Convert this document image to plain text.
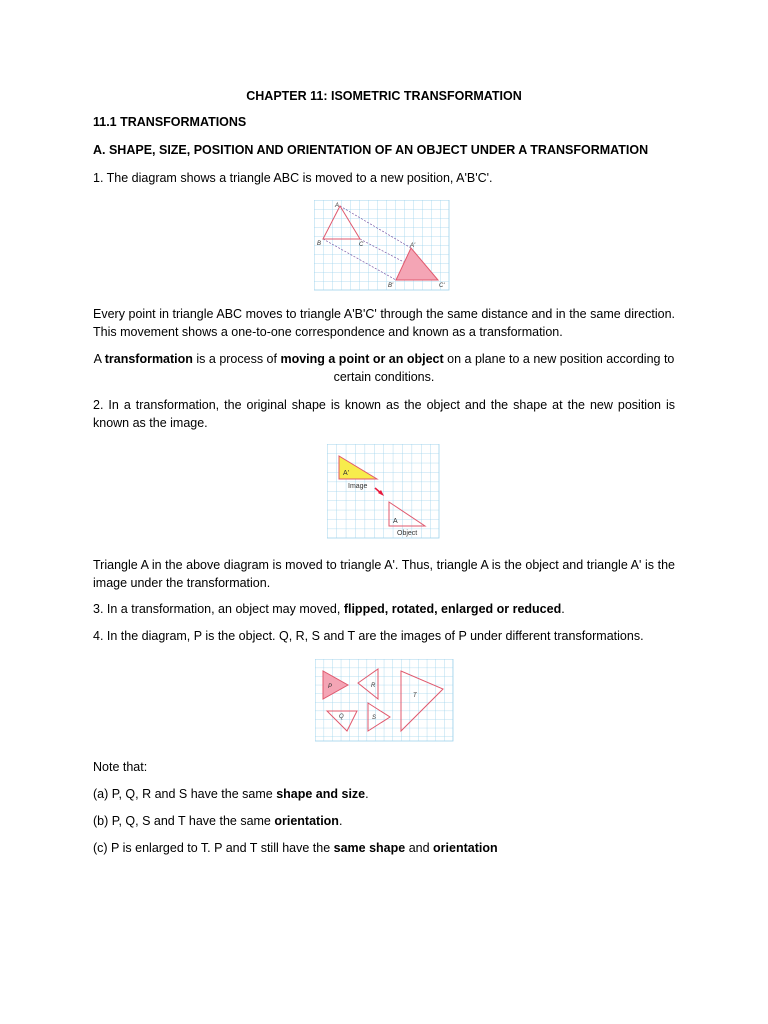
CHAPTER 11: ISOMETRIC TRANSFORMATION

11.1 TRANSFORMATIONS

A. SHAPE, SIZE, POSITION AND ORIENTATION OF AN OBJECT UNDER A TRANSFORMATION

1. The diagram shows a triangle ABC is moved to a new position, A'B'C'.

A
B	C	A'
B'	C'

Every point in triangle ABC moves to triangle A'B'C' through the same distance and in the same direction. This movement shows a one-to-one correspondence and known as a transformation.

A transformation is a process of moving a point or an object on a plane to a new position according to certain conditions.

2. In a transformation, the original shape is known as the object and the shape at the new position is known as the image.

A'
Image
A
Object

Triangle A in the above diagram is moved to triangle A'. Thus, triangle A is the object and triangle A' is the image under the transformation.

3. In a transformation, an object may moved, flipped, rotated, enlarged or reduced.

4. In the diagram, P is the object. Q, R, S and T are the images of P under different transformations.

P	R
T
Q	S

Note that:

(a) P, Q, R and S have the same shape and size.

(b) P, Q, S and T have the same orientation.

(c) P is enlarged to T. P and T still have the same shape and orientation
